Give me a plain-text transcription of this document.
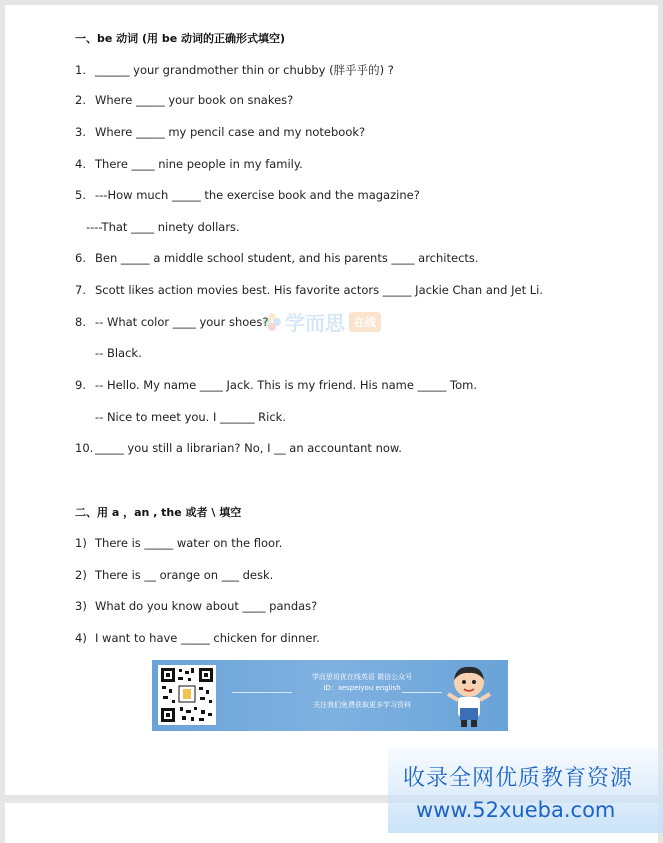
一、be 动词 (用 be 动词的正确形式填空)
1. ______ your grandmother thin or chubby (胖乎乎的) ?
2. Where _____ your book on snakes?
3. Where _____ my pencil case and my notebook?
4. There ____ nine people in my family.
5. ---How much _____ the exercise book and the magazine?
----That ____ ninety dollars.
6. Ben _____ a middle school student, and his parents ____ architects.
7. Scott likes action movies best. His favorite actors _____ Jackie Chan and Jet Li.
8. -- What color ____ your shoes?
-- Black.
9. -- Hello. My name ____ Jack. This is my friend. His name _____ Tom.
-- Nice to meet you. I ______ Rick.
10. _____ you still a librarian? No, I __ an accountant now.
二、用 a ，an , the 或者 \ 填空
1) There is _____ water on the floor.
2) There is __ orange on ___ desk.
3) What do you know about ____ pandas?
4) I want to have _____ chicken for dinner.
学而思 在线
学而思培优在线英语 微信公众号
ID：xespeiyou english
关注我们免费获取更多学习资料
收录全网优质教育资源
www.52xueba.com
